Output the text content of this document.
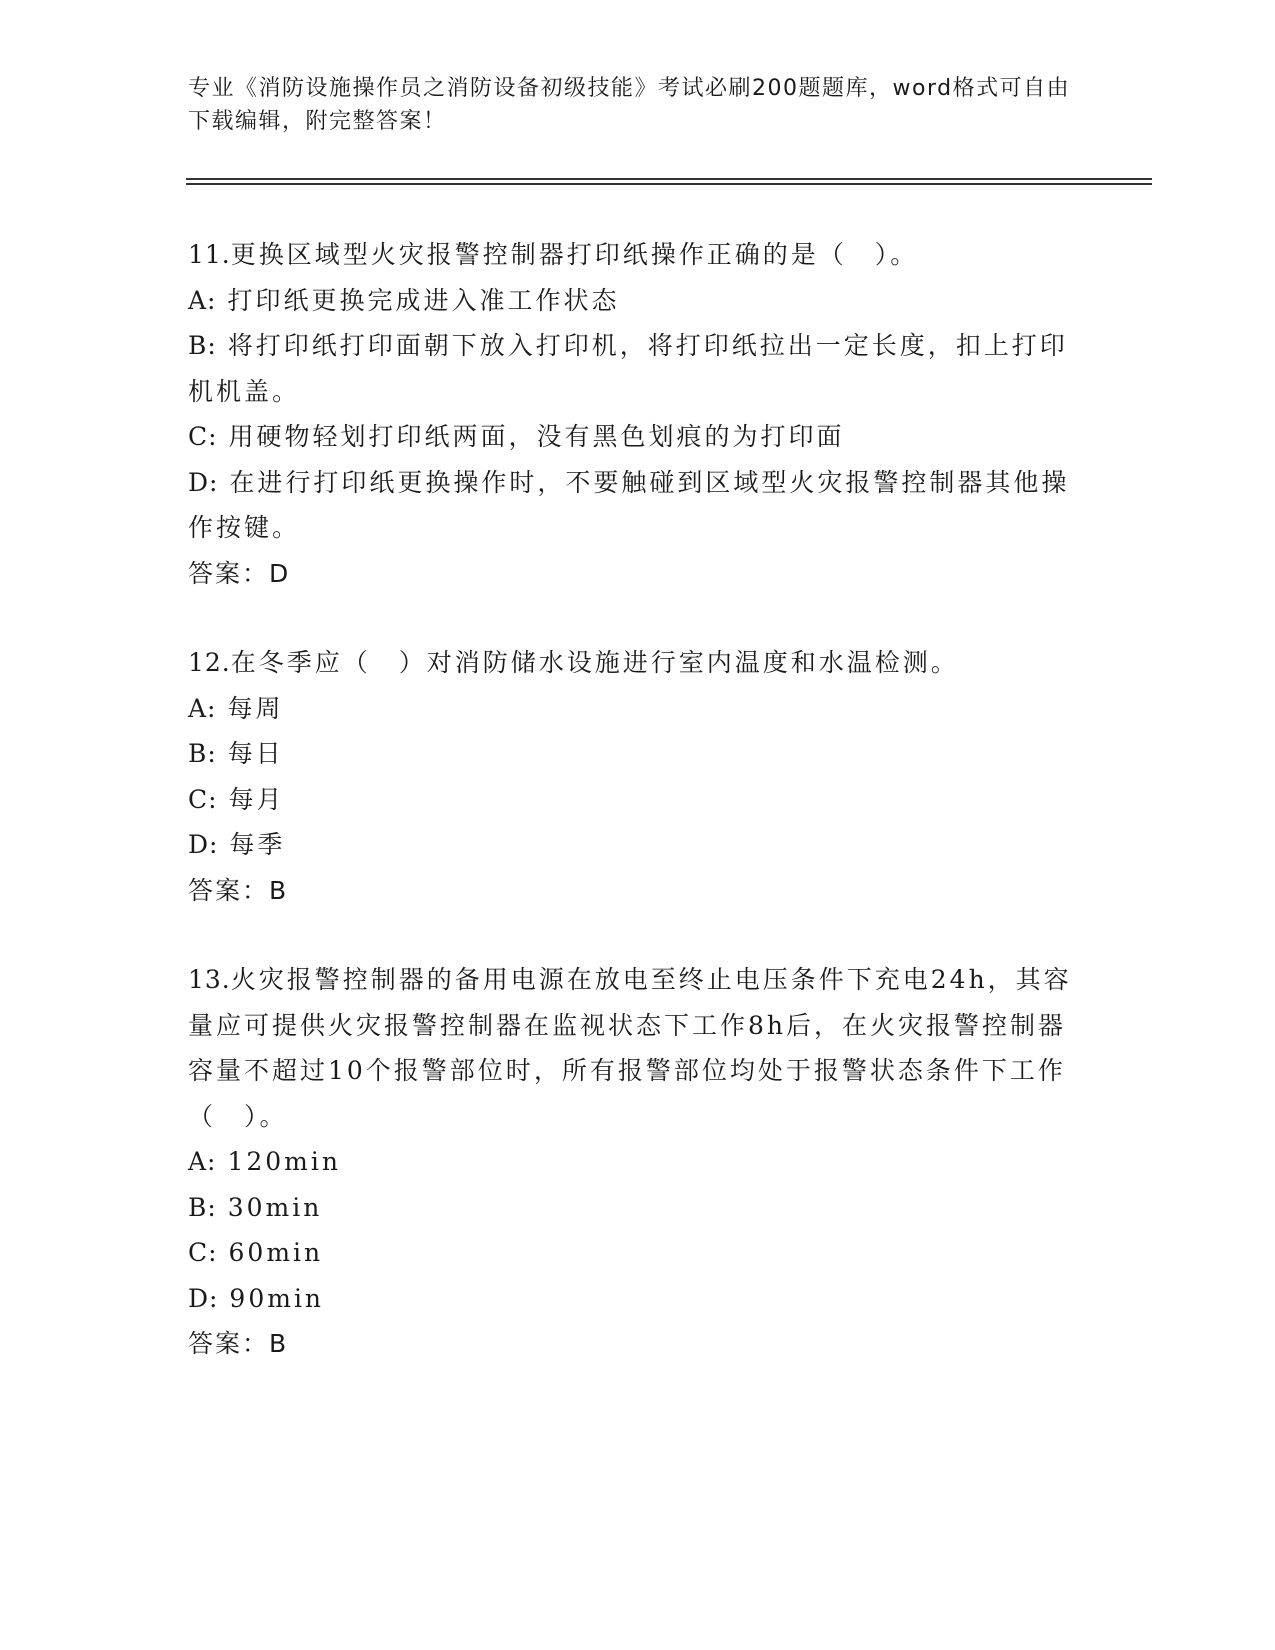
专业《消防设施操作员之消防设备初级技能》考试必刷200题题库，word格式可自由下载编辑，附完整答案！

11.更换区域型火灾报警控制器打印纸操作正确的是（　）。

A: 打印纸更换完成进入准工作状态

B: 将打印纸打印面朝下放入打印机，将打印纸拉出一定长度，扣上打印机机盖。

C: 用硬物轻划打印纸两面，没有黑色划痕的为打印面

D: 在进行打印纸更换操作时，不要触碰到区域型火灾报警控制器其他操作按键。

答案：D

12.在冬季应（　）对消防储水设施进行室内温度和水温检测。

A: 每周

B: 每日

C: 每月

D: 每季

答案：B

13.火灾报警控制器的备用电源在放电至终止电压条件下充电24h，其容量应可提供火灾报警控制器在监视状态下工作8h后，在火灾报警控制器容量不超过10个报警部位时，所有报警部位均处于报警状态条件下工作（　）。

A: 120min

B: 30min

C: 60min

D: 90min

答案：B
